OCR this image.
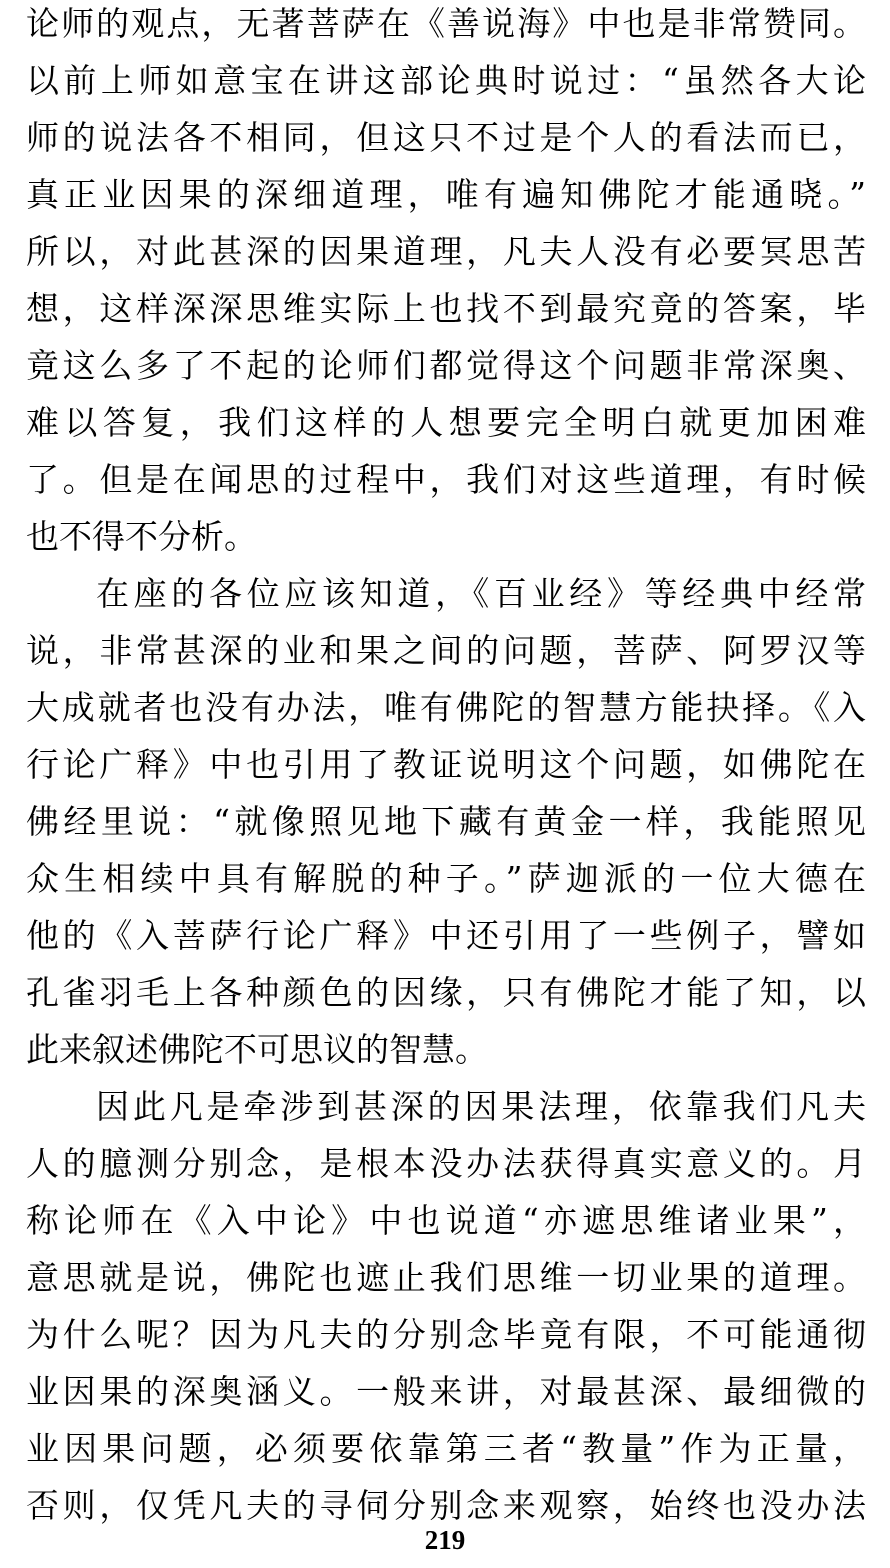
论师的观点，无著菩萨在《善说海》中也是非常赞同。
以前上师如意宝在讲这部论典时说过：“虽然各大论
师的说法各不相同，但这只不过是个人的看法而已，
真正业因果的深细道理，唯有遍知佛陀才能通晓。”
所以，对此甚深的因果道理，凡夫人没有必要冥思苦
想，这样深深思维实际上也找不到最究竟的答案，毕
竟这么多了不起的论师们都觉得这个问题非常深奥、
难以答复，我们这样的人想要完全明白就更加困难
了。但是在闻思的过程中，我们对这些道理，有时候
也不得不分析。
在座的各位应该知道，《百业经》等经典中经常
说，非常甚深的业和果之间的问题，菩萨、阿罗汉等
大成就者也没有办法，唯有佛陀的智慧方能抉择。《入
行论广释》中也引用了教证说明这个问题，如佛陀在
佛经里说：“就像照见地下藏有黄金一样，我能照见
众生相续中具有解脱的种子。”萨迦派的一位大德在
他的《入菩萨行论广释》中还引用了一些例子，譬如
孔雀羽毛上各种颜色的因缘，只有佛陀才能了知，以
此来叙述佛陀不可思议的智慧。
因此凡是牵涉到甚深的因果法理，依靠我们凡夫
人的臆测分别念，是根本没办法获得真实意义的。月
称论师在《入中论》中也说道“亦遮思维诸业果”，
意思就是说，佛陀也遮止我们思维一切业果的道理。
为什么呢？因为凡夫的分别念毕竟有限，不可能通彻
业因果的深奥涵义。一般来讲，对最甚深、最细微的
业因果问题，必须要依靠第三者“教量”作为正量，
否则，仅凭凡夫的寻伺分别念来观察，始终也没办法
219
